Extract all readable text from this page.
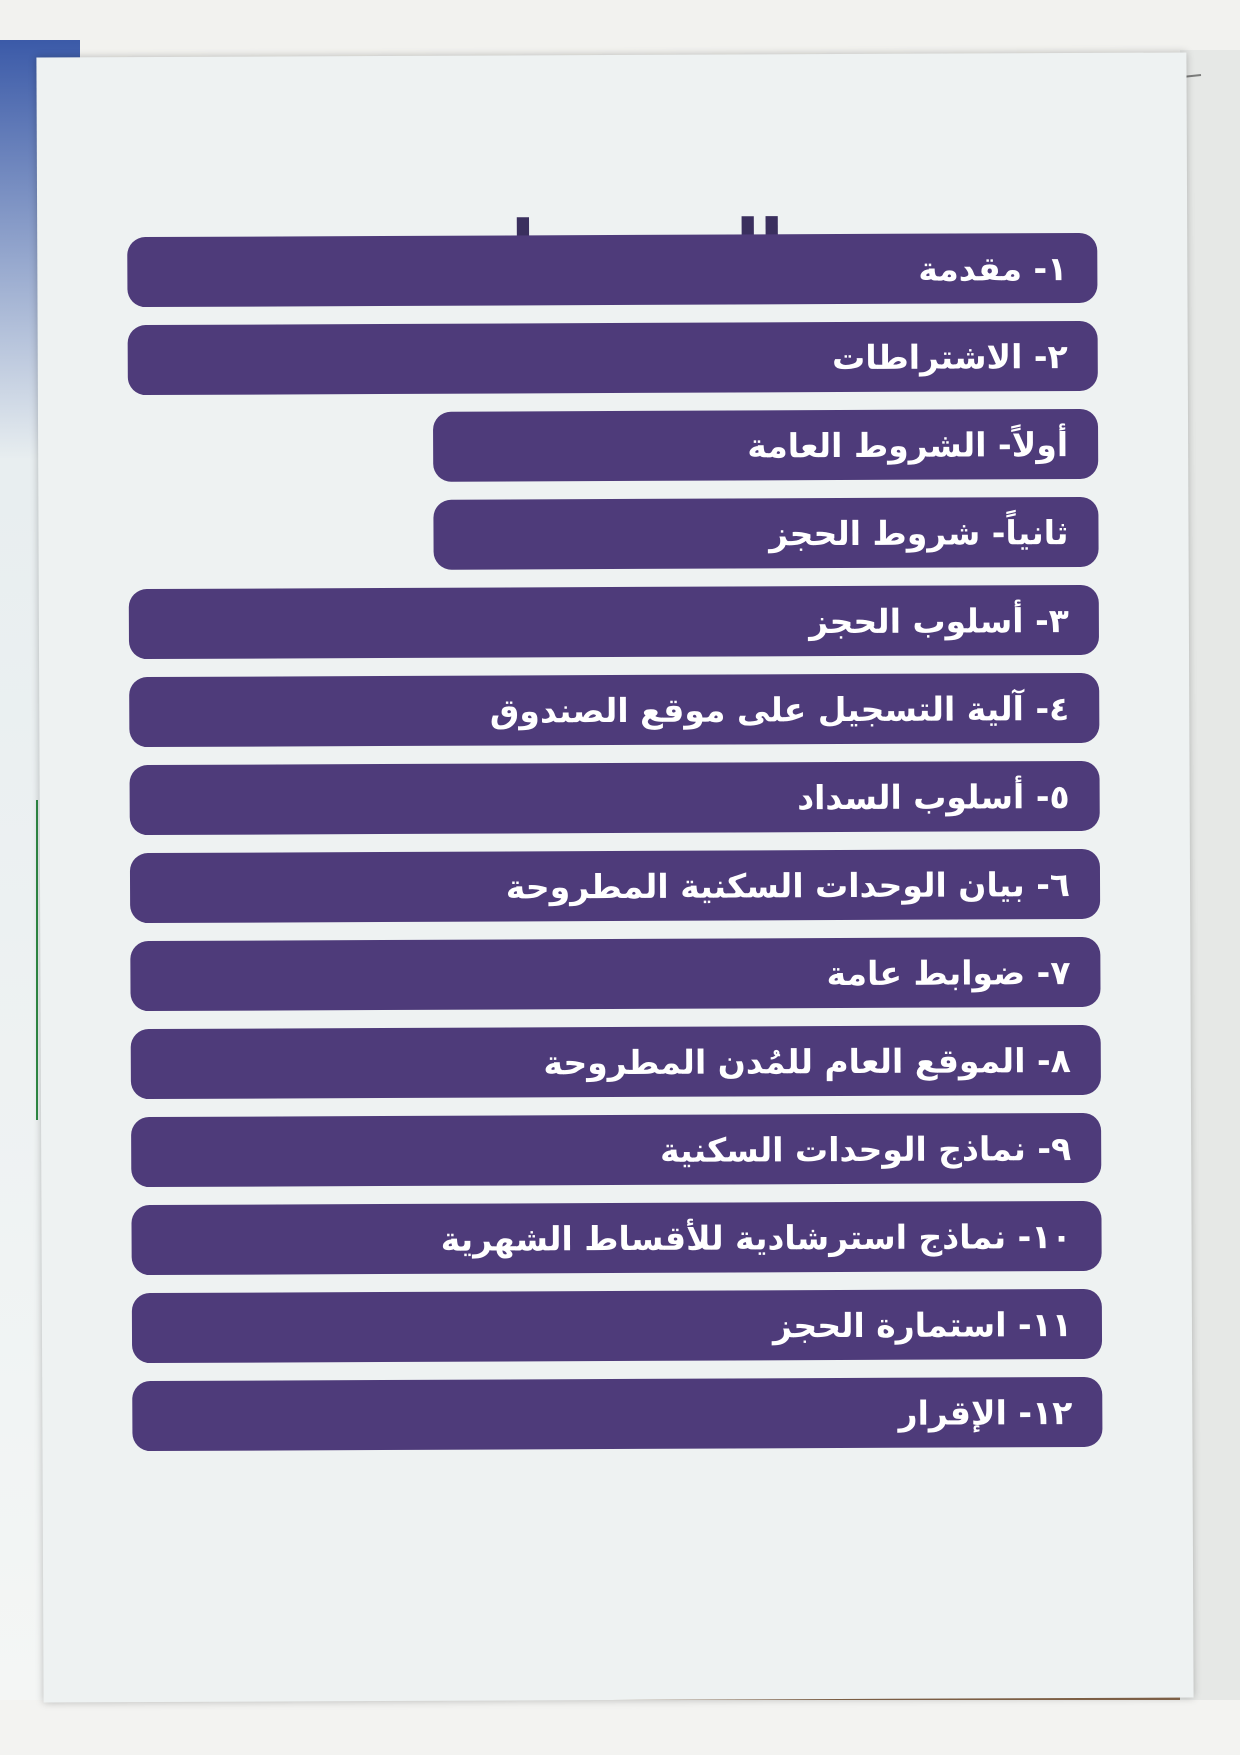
١- مقدمة
٢- الاشتراطات
أولاً- الشروط العامة
ثانياً- شروط الحجز
٣- أسلوب الحجز
٤- آلية التسجيل على موقع الصندوق
٥- أسلوب السداد
٦- بيان الوحدات السكنية المطروحة
٧- ضوابط عامة
٨- الموقع العام للمُدن المطروحة
٩- نماذج الوحدات السكنية
١٠- نماذج استرشادية للأقساط الشهرية
١١- استمارة الحجز
١٢- الإقرار
